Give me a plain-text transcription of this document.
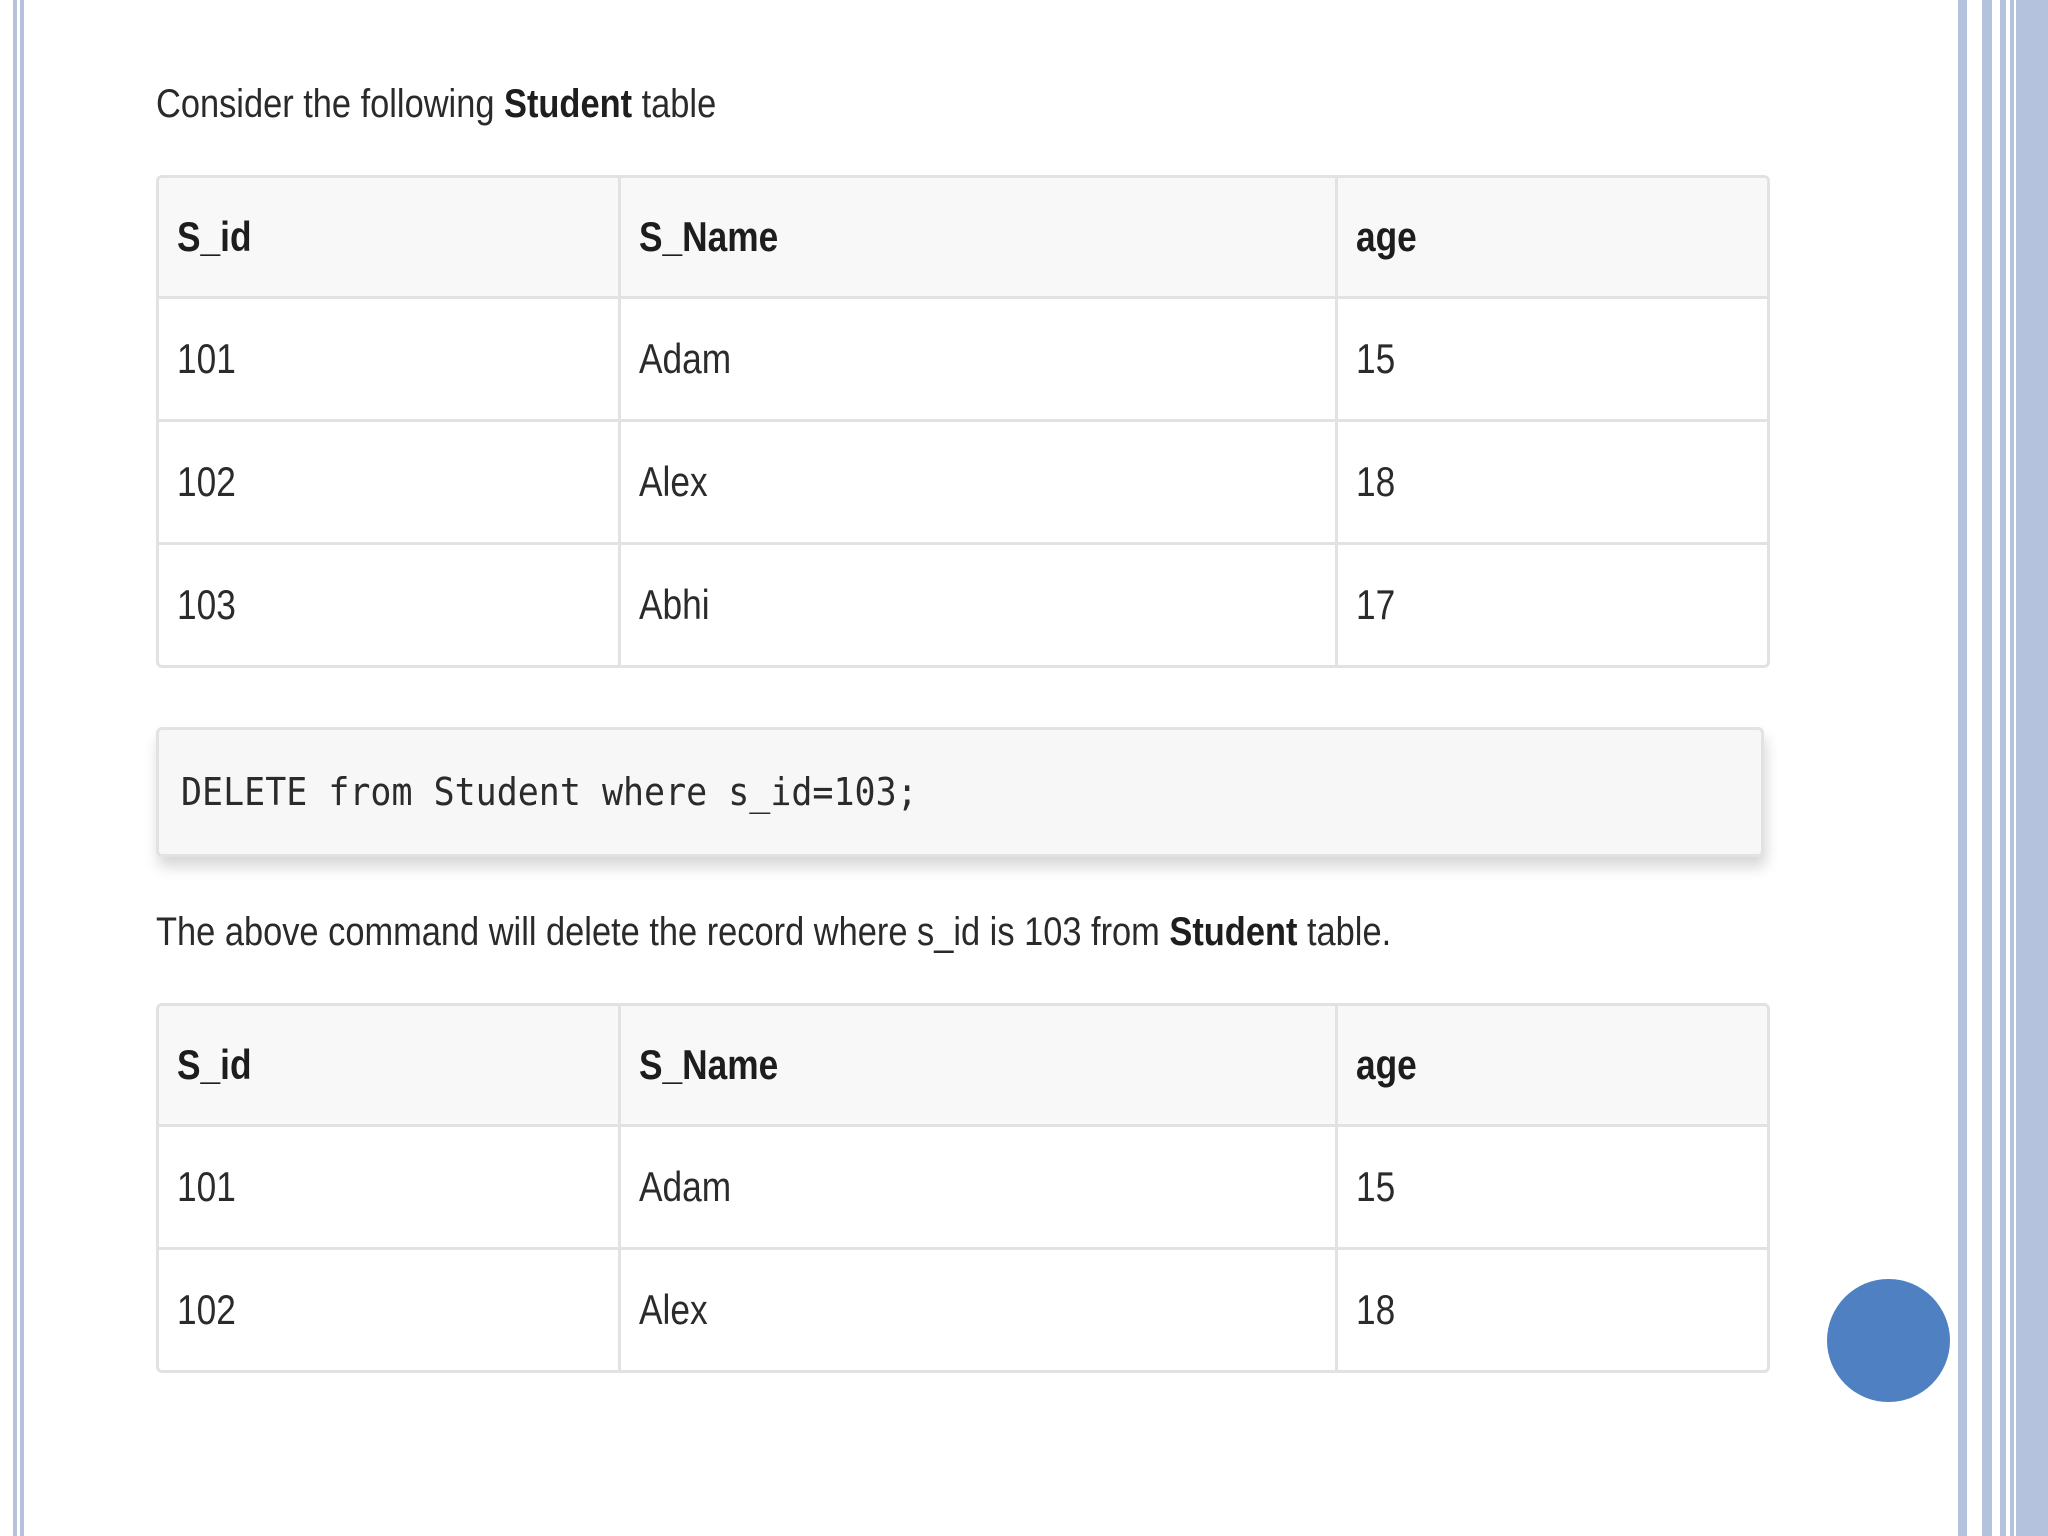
Consider the following Student table

S_id	S_Name	age
101	Adam	15
102	Alex	18
103	Abhi	17
DELETE from Student where s_id=103;

The above command will delete the record where s_id is 103 from Student table.

S_id	S_Name	age
101	Adam	15
102	Alex	18
